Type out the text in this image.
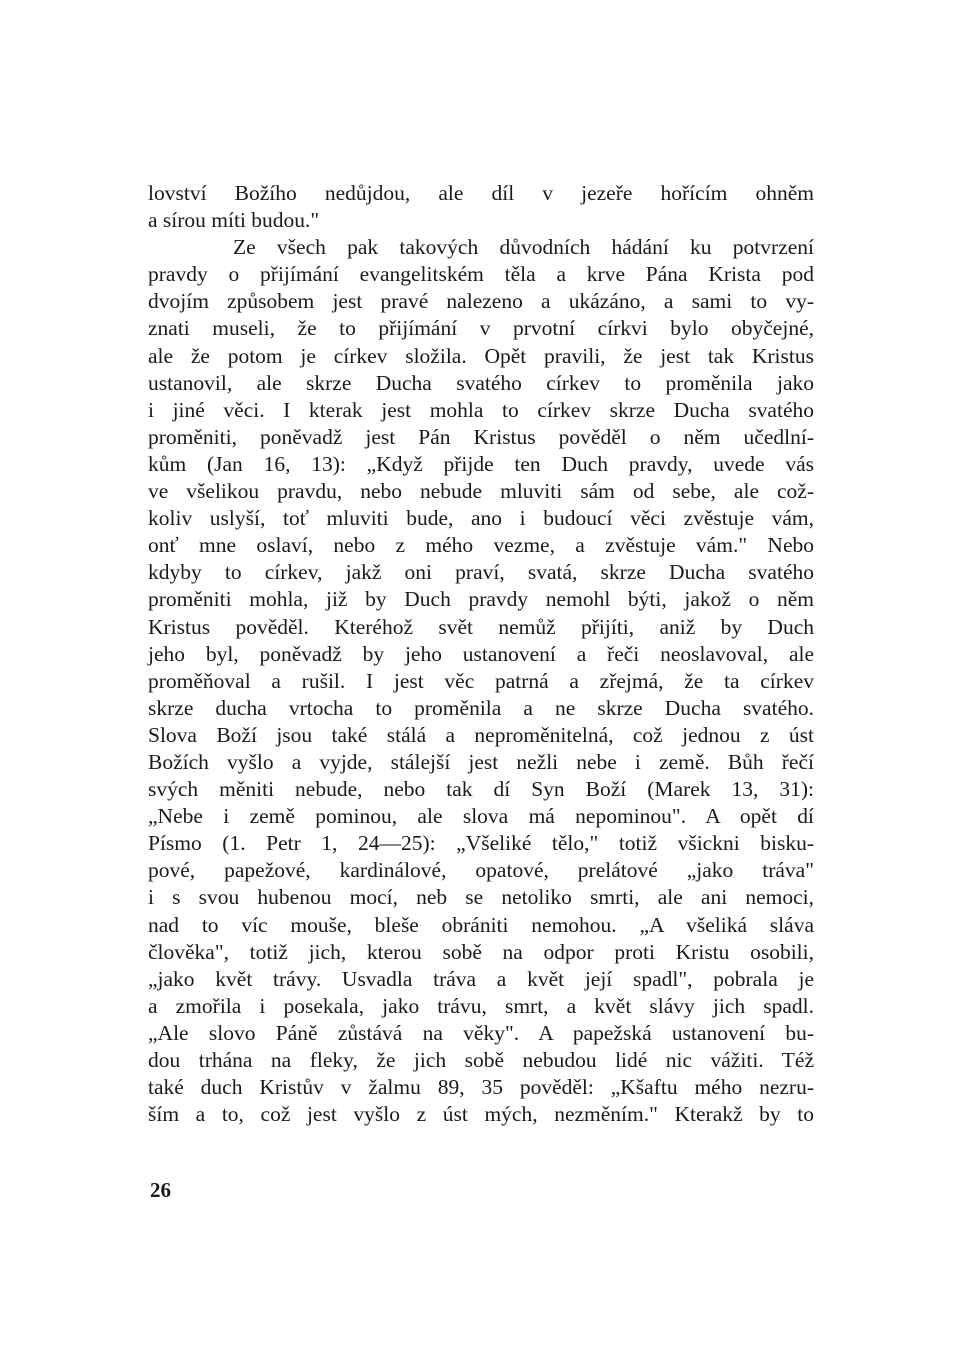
lovství Božího nedůjdou, ale díl v jezeře hořícím ohněm
a sírou míti budou."
Ze všech pak takových důvodních hádání ku potvrzení
pravdy o přijímání evangelitském těla a krve Pána Krista pod
dvojím způsobem jest pravé nalezeno a ukázáno, a sami to vy-
znati museli, že to přijímání v prvotní církvi bylo obyčejné,
ale že potom je církev složila. Opět pravili, že jest tak Kristus
ustanovil, ale skrze Ducha svatého církev to proměnila jako
i jiné věci. I kterak jest mohla to církev skrze Ducha svatého
proměniti, poněvadž jest Pán Kristus pověděl o něm učedlní-
kům (Jan 16, 13): „Když přijde ten Duch pravdy, uvede vás
ve všelikou pravdu, nebo nebude mluviti sám od sebe, ale což-
koliv uslyší, toť mluviti bude, ano i budoucí věci zvěstuje vám,
onť mne oslaví, nebo z mého vezme, a zvěstuje vám." Nebo
kdyby to církev, jakž oni praví, svatá, skrze Ducha svatého
proměniti mohla, již by Duch pravdy nemohl býti, jakož o něm
Kristus pověděl. Kteréhož svět nemůž přijíti, aniž by Duch
jeho byl, poněvadž by jeho ustanovení a řeči neoslavoval, ale
proměňoval a rušil. I jest věc patrná a zřejmá, že ta církev
skrze ducha vrtocha to proměnila a ne skrze Ducha svatého.
Slova Boží jsou také stálá a neproměnitelná, což jednou z úst
Božích vyšlo a vyjde, stálejší jest nežli nebe i země. Bůh řečí
svých měniti nebude, nebo tak dí Syn Boží (Marek 13, 31):
„Nebe i země pominou, ale slova má nepominou". A opět dí
Písmo (1. Petr 1, 24—25): „Všeliké tělo," totiž všickni bisku-
pové, papežové, kardinálové, opatové, prelátové „jako tráva"
i s svou hubenou mocí, neb se netoliko smrti, ale ani nemoci,
nad to víc mouše, bleše obrániti nemohou. „A všeliká sláva
člověka", totiž jich, kterou sobě na odpor proti Kristu osobili,
„jako květ trávy. Usvadla tráva a květ její spadl", pobrala je
a zmořila i posekala, jako trávu, smrt, a květ slávy jich spadl.
„Ale slovo Páně zůstává na věky". A papežská ustanovení bu-
dou trhána na fleky, že jich sobě nebudou lidé nic vážiti. Též
také duch Kristův v žalmu 89, 35 pověděl: „Kšaftu mého nezru-
ším a to, což jest vyšlo z úst mých, nezměním." Kterakž by to
26
